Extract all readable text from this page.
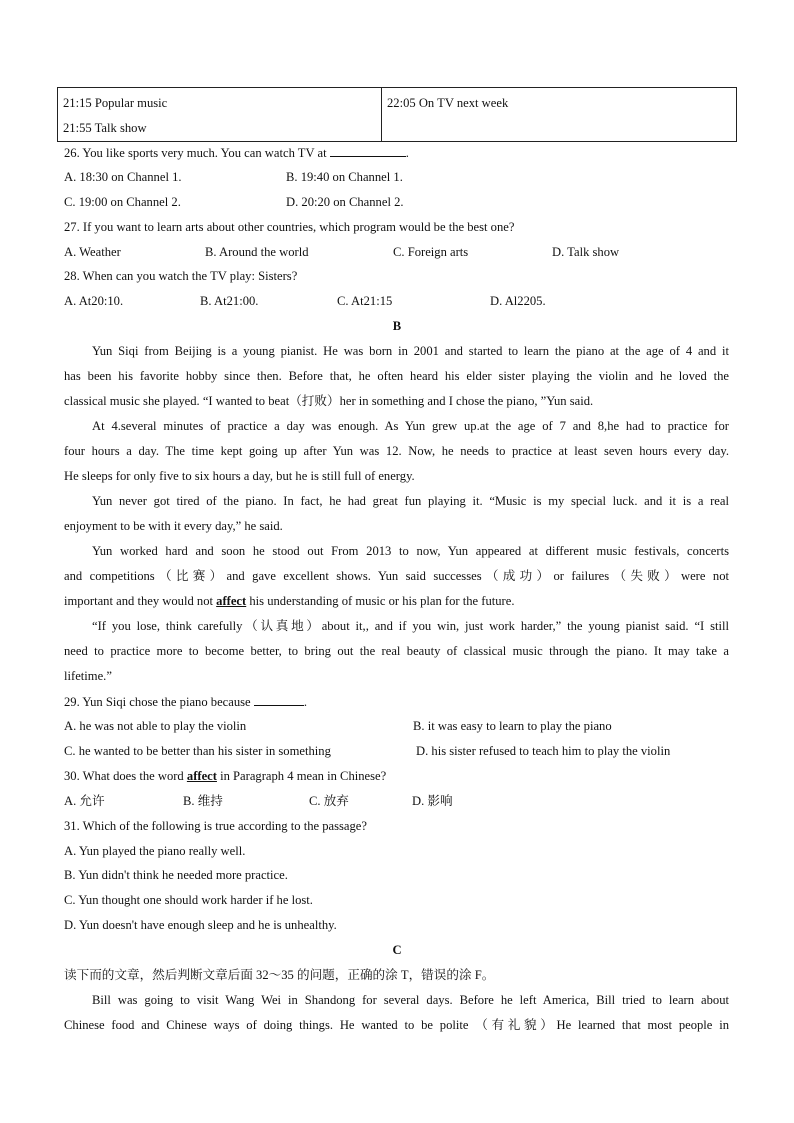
21:15 Popular music
21:55 Talk show

22:05 On TV next week
26. You like sports very much. You can watch TV at	.
A. 18:30 on Channel 1.	B. 19:40 on Channel 1.
C. 19:00 on Channel 2.	D. 20:20 on Channel 2.
27. If you want to learn arts about other countries, which program would be the best one?
A. Weather	B. Around the world	C. Foreign arts	D. Talk show
28. When can you watch the TV play: Sisters?
A. At20:10.	B. At21:00.	C. At21:15	D. Al2205.
B
Yun Siqi from Beijing is a young pianist. He was born in 2001 and started to learn the piano at the age of 4 and it
has been his favorite hobby since then. Before that, he often heard his elder sister playing the violin and he loved the
classical music she played. “I wanted to beat（打败）her in something and I chose the piano, ”Yun said.
At 4.several minutes of practice a day was enough. As Yun grew up.at the age of 7 and 8,he had to practice for
four hours a day. The time kept going up after Yun was 12. Now, he needs to practice at least seven hours every day.
He sleeps for only five to six hours a day, but he is still full of energy.
Yun never got tired of the piano. In fact, he had great fun playing it. “Music is my special luck. and it is a real
enjoyment to be with it every day,” he said.
Yun worked hard and soon he stood out From 2013 to now, Yun appeared at different music festivals, concerts
and competitions（比赛）and gave excellent shows. Yun said successes（成功）or failures（失败）were not
important and they would not affect his understanding of music or his plan for the future.
“If you lose, think carefully（认真地）about it,, and if you win, just work harder,” the young pianist said. “I still
need to practice more to become better, to bring out the real beauty of classical music through the piano. It may take a
lifetime.”
29. Yun Siqi chose the piano because	.
A. he was not able to play the violin	B. it was easy to learn to play the piano
C. he wanted to be better than his sister in something	D. his sister refused to teach him to play the violin
30. What does the word affect in Paragraph 4 mean in Chinese?
A. 允许	B. 维持	C. 放弃	D. 影响
31. Which of the following is true according to the passage?
A. Yun played the piano really well.
B. Yun didn't think he needed more practice.
C. Yun thought one should work harder if he lost.
D. Yun doesn't have enough sleep and he is unhealthy.
C
读下而的文章，然后判断文章后面 32～35 的问题，正确的涂 T，错误的涂 F。
Bill was going to visit Wang Wei in Shandong for several days. Before he left America, Bill tried to learn about
Chinese food and Chinese ways of doing things. He wanted to be polite （有礼貌）He learned that most people in
